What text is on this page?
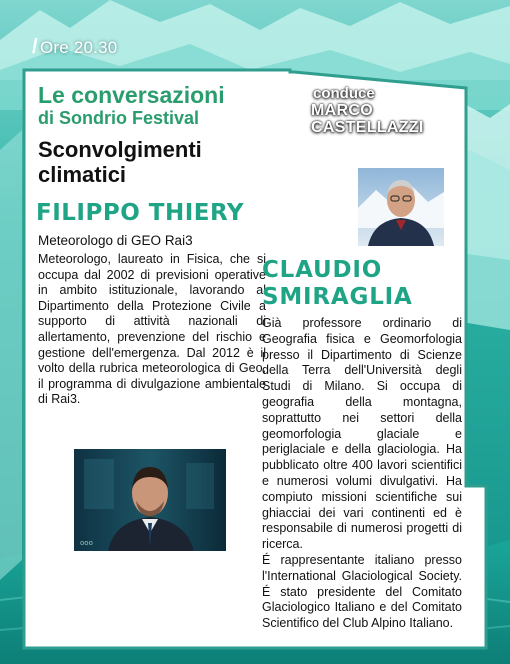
/ Ore 20.30
conduce
MARCO
CASTELLAZZI
Le conversazioni
di Sondrio Festival
Sconvolgimenti climatici
FILIPPO THIERY
Meteorologo di GEO Rai3
Meteorologo, laureato in Fisica, che si occupa dal 2002 di previsioni operative in ambito istituzionale, lavorando al Dipartimento della Protezione Civile a supporto di attività nazionali di allertamento, prevenzione del rischio e gestione dell'emergenza. Dal 2012 è il volto della rubrica meteorologica di Geo, il programma di divulgazione ambientale di Rai3.
CLAUDIO
SMIRAGLIA

Già professore ordinario di Geografia fisica e Geomorfologia presso il Dipartimento di Scienze della Terra dell'Università degli Studi di Milano. Si occupa di geografia della montagna, soprattutto nei settori della geomorfologia glaciale e periglaciale e della glaciologia. Ha pubblicato oltre 400 lavori scientifici e numerosi volumi divulgativi. Ha compiuto missioni scientifiche sui ghiacciai dei vari continenti ed è responsabile di numerosi progetti di ricerca.

É rappresentante italiano presso l'International Glaciological Society. É stato presidente del Comitato Glaciologico Italiano e del Comitato Scientifico del Club Alpino Italiano.

ooo
